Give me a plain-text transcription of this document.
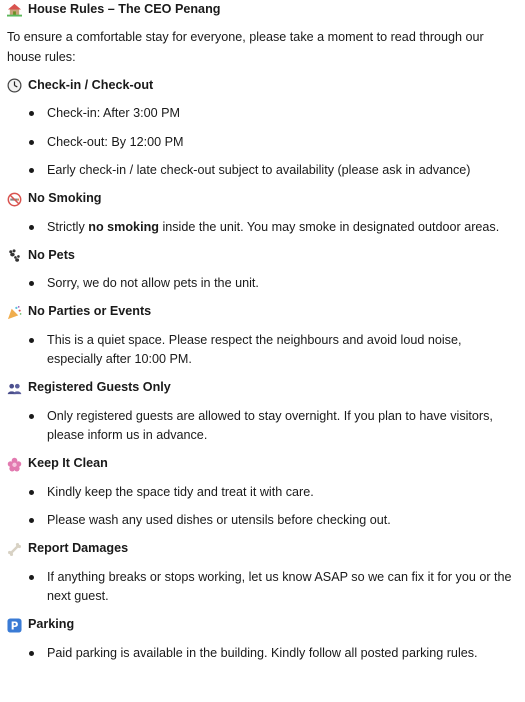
House Rules – The CEO Penang
To ensure a comfortable stay for everyone, please take a moment to read through our house rules:
Check-in / Check-out
Check-in: After 3:00 PM
Check-out: By 12:00 PM
Early check-in / late check-out subject to availability (please ask in advance)
No Smoking
Strictly no smoking inside the unit. You may smoke in designated outdoor areas.
No Pets
Sorry, we do not allow pets in the unit.
No Parties or Events
This is a quiet space. Please respect the neighbours and avoid loud noise, especially after 10:00 PM.
Registered Guests Only
Only registered guests are allowed to stay overnight. If you plan to have visitors, please inform us in advance.
Keep It Clean
Kindly keep the space tidy and treat it with care.
Please wash any used dishes or utensils before checking out.
Report Damages
If anything breaks or stops working, let us know ASAP so we can fix it for you or the next guest.
P Parking
Paid parking is available in the building. Kindly follow all posted parking rules.
